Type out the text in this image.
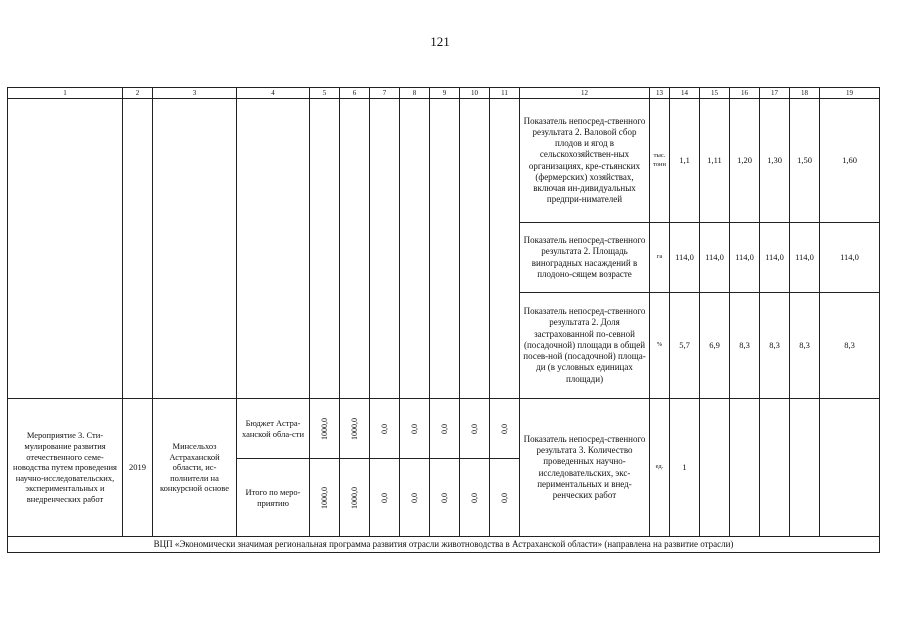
121
1	2	3	4	5	6	7	8	9	10	11	12	13	14	15	16	17	18	19
											Показатель непосред-ственного результата 2. Валовой сбор плодов и ягод в сельскохозяйствен-ных организациях, кре-стьянских (фермерских) хозяйствах, включая ин-дивидуальных предпри-нимателей	тыс. тонн	1,1	1,11	1,20	1,30	1,50	1,60
											Показатель непосред-ственного результата 2. Площадь виноградных насаждений в плодоно-сящем возрасте	га	114,0	114,0	114,0	114,0	114,0	114,0
											Показатель непосред-ственного результата 2. Доля застрахованной по-севной (посадочной) площади в общей посев-ной (посадочной) площа-ди (в условных единицах площади)	%	5,7	6,9	8,3	8,3	8,3	8,3
Мероприятие 3. Сти-мулирование развития отечественного семе-новодства путем проведения научно-исследовательских, экспериментальных и внедренческих работ	2019	Минсельхоз Астраханской области, ис-полнители на конкурсной основе	Бюджет Астра-ханской обла-сти	1000,0	1000,0	0,0	0,0	0,0	0,0	0,0	Показатель непосред-ственного результата 3. Количество проведенных научно-исследовательских, экс-периментальных и внед-ренческих работ	ед.	1					
			Итого по меро-приятию	1000,0	1000,0	0,0	0,0	0,0	0,0	0,0								
ВЦП «Экономически значимая региональная программа развития отрасли животноводства в Астраханской области» (направлена на развитие отрасли)																		
